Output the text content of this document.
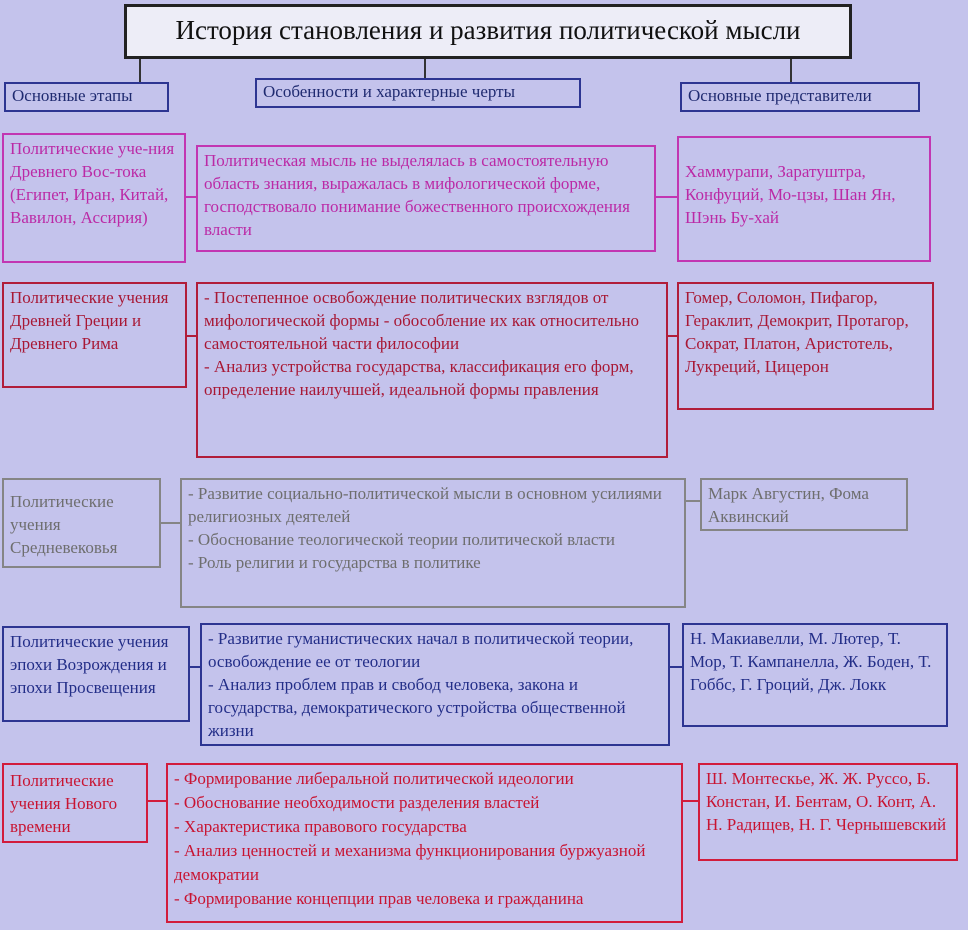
История становления и развития политической мысли
Основные этапы	Особенности и характерные черты	Основные представители
Политические уче-ния Древнего Вос-тока (Египет, Иран, Китай, Вавилон, Ассирия)
Политическая мысль не выделялась в самостоятельную область знания, выражалась в мифологической форме, господствовало понимание божественного происхождения власти
Хаммурапи, Заратуштра, Конфуций, Мо-цзы, Шан Ян, Шэнь Бу-хай
Политические учения Древней Греции и Древнего Рима
- Постепенное освобождение политических взглядов от мифологической формы - обособление их как относительно самостоятельной части философии
- Анализ устройства государства, классификация его форм, определение наилучшей, идеальной формы правления
Гомер, Соломон, Пифагор, Гераклит, Демокрит, Протагор, Сократ, Платон, Аристотель, Лукреций, Цицерон
Политические учения Средневековья
- Развитие социально-политической мысли в основном усилиями религиозных деятелей
- Обоснование теологической теории политической власти
- Роль религии и государства в политике
Марк Августин, Фома Аквинский
Политические учения эпохи Возрождения и эпохи Просвещения
- Развитие гуманистических начал в политической теории, освобождение ее от теологии
- Анализ проблем прав и свобод человека, закона и государства, демократического устройства общественной жизни
Н. Макиавелли, М. Лютер, Т. Мор, Т. Кампанелла, Ж. Боден, Т. Гоббс, Г. Гроций, Дж. Локк
Политические учения Нового времени
- Формирование либеральной политической идеологии
- Обоснование необходимости разделения властей
- Характеристика правового государства
- Анализ ценностей и механизма функционирования буржуазной демократии
- Формирование концепции прав человека и гражданина
Ш. Монтескье, Ж. Ж. Руссо, Б. Констан, И. Бентам, О. Конт, А. Н. Радищев, Н. Г. Чернышевский
